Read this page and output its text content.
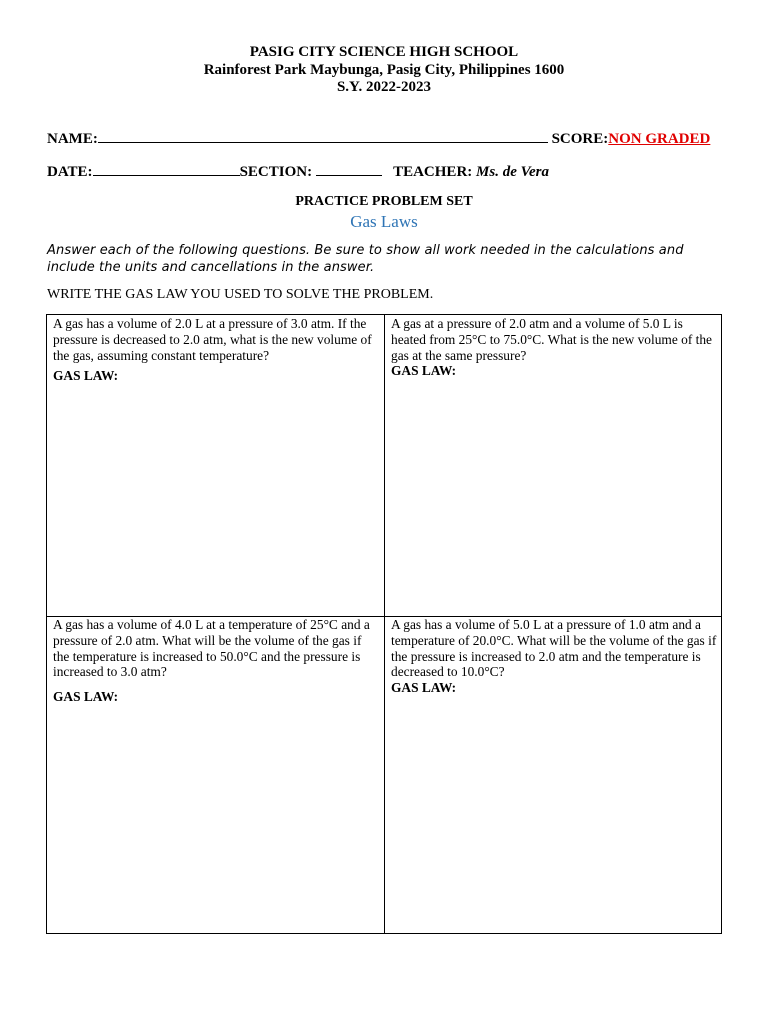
PASIG CITY SCIENCE HIGH SCHOOL
Rainforest Park Maybunga, Pasig City, Philippines 1600
S.Y. 2022-2023
NAME:	SCORE:NON GRADED
DATE:	SECTION:	TEACHER: Ms. de Vera
PRACTICE PROBLEM SET
Gas Laws
Answer each of the following questions. Be sure to show all work needed in the calculations and include the units and cancellations in the answer.
WRITE THE GAS LAW YOU USED TO SOLVE THE PROBLEM.
A gas has a volume of 2.0 L at a pressure of 3.0 atm. If the pressure is decreased to 2.0 atm, what is the new volume of the gas, assuming constant temperature?
GAS LAW:
A gas at a pressure of 2.0 atm and a volume of 5.0 L is heated from 25°C to 75.0°C. What is the new volume of the gas at the same pressure?
GAS LAW:
A gas has a volume of 4.0 L at a temperature of 25°C and a pressure of 2.0 atm. What will be the volume of the gas if the temperature is increased to 50.0°C and the pressure is increased to 3.0 atm?
GAS LAW:
A gas has a volume of 5.0 L at a pressure of 1.0 atm and a temperature of 20.0°C. What will be the volume of the gas if the pressure is increased to 2.0 atm and the temperature is decreased to 10.0°C?
GAS LAW:
